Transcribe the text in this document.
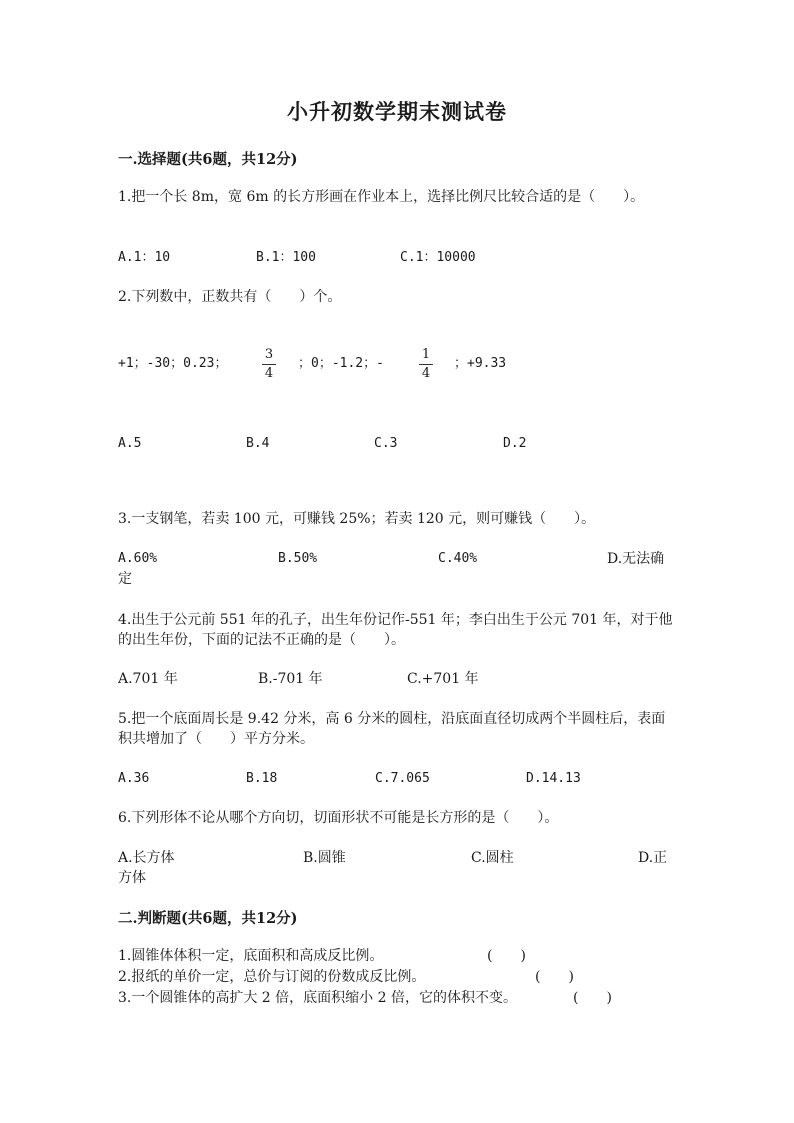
小升初数学期末测试卷
一.选择题(共6题，共12分)
1.把一个长 8m，宽 6m 的长方形画在作业本上，选择比例尺比较合适的是（　　）。
A.1：10	B.1：100	C.1：10000
2.下列数中，正数共有（　　）个。
+1；-30；0.23；
3
4
；0；-1.2；-
1
4
；+9.33
A.5	B.4	C.3	D.2
3.一支钢笔，若卖 100 元，可赚钱 25%；若卖 120 元，则可赚钱（　　）。
A.60%	B.50%	C.40%	D.无法确
定
4.出生于公元前 551 年的孔子，出生年份记作-551 年；李白出生于公元 701 年，对于他的出生年份，下面的记法不正确的是（　　）。
A.701 年	B.-701 年	C.+701 年
5.把一个底面周长是 9.42 分米，高 6 分米的圆柱，沿底面直径切成两个半圆柱后，表面积共增加了（　　）平方分米。
A.36	B.18	C.7.065	D.14.13
6.下列形体不论从哪个方向切，切面形状不可能是长方形的是（　　）。
A.长方体	B.圆锥	C.圆柱	D.正
方体
二.判断题(共6题，共12分)
1.圆锥体体积一定，底面积和高成反比例。	(　　)
2.报纸的单价一定，总价与订阅的份数成反比例。	(　　)
3.一个圆锥体的高扩大 2 倍，底面积缩小 2 倍，它的体积不变。	(　　)
